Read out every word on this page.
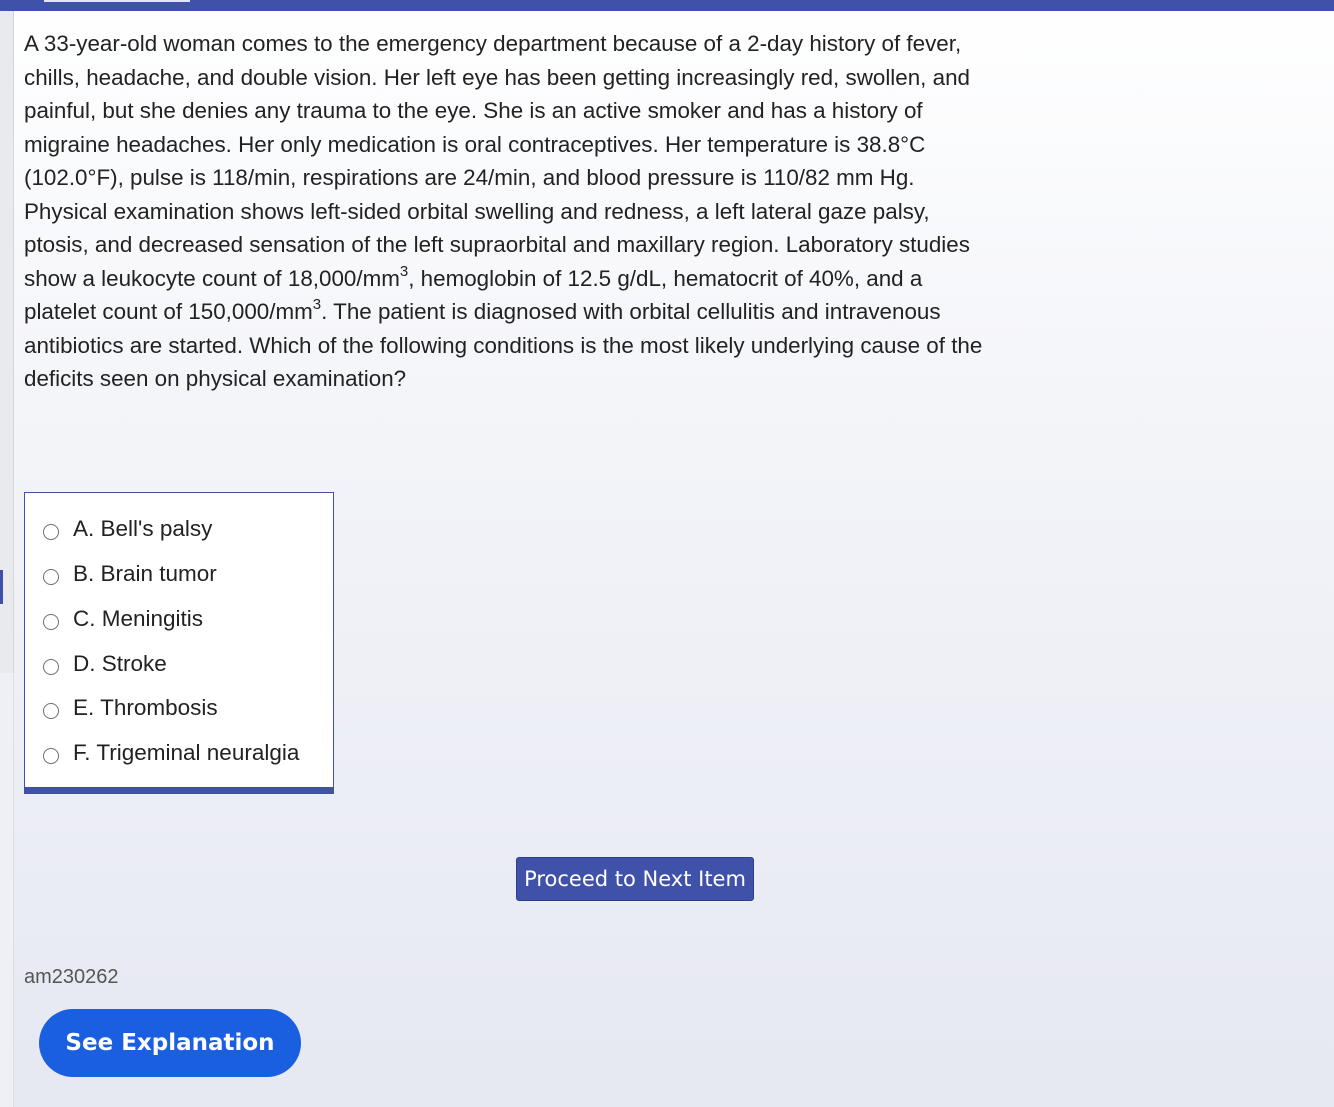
A 33-year-old woman comes to the emergency department because of a 2-day history of fever, chills, headache, and double vision. Her left eye has been getting increasingly red, swollen, and painful, but she denies any trauma to the eye. She is an active smoker and has a history of migraine headaches. Her only medication is oral contraceptives. Her temperature is 38.8°C (102.0°F), pulse is 118/min, respirations are 24/min, and blood pressure is 110/82 mm Hg. Physical examination shows left-sided orbital swelling and redness, a left lateral gaze palsy, ptosis, and decreased sensation of the left supraorbital and maxillary region. Laboratory studies show a leukocyte count of $18,000/mm^3$, hemoglobin of 12.5 g/dL, hematocrit of 40%, and a platelet count of $150,000/mm^3$. The patient is diagnosed with orbital cellulitis and intravenous antibiotics are started. Which of the following conditions is the most likely underlying cause of the deficits seen on physical examination?
A. Bell's palsy
B. Brain tumor
C. Meningitis
D. Stroke
E. Thrombosis
F. Trigeminal neuralgia
Proceed to Next Item
am230262
See Explanation
